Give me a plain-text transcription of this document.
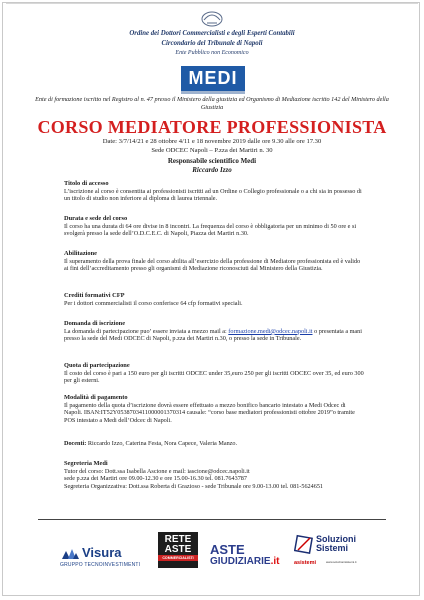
Ordine dei Dottori Commercialisti e degli Esperti Contabili
Circondario del Tribunale di Napoli
Ente Pubblico non Economico
MEDI
Ente di formazione iscritto nel Registro al n. 47 presso il Ministero della giustizia ed Organismo di Mediazione iscritto 142 del Ministero della Giustizia
CORSO MEDIATORE PROFESSIONISTA
Date: 3/7/14/21 e 28 ottobre 4/11 e 18 novembre 2019 dalle ore 9.30 alle ore 17.30
Sede ODCEC Napoli – P.zza dei Martiri n. 30
Responsabile scientifico Medi
Riccardo Izzo
Titolo di accesso
L’iscrizione al corso è consentita ai professionisti iscritti ad un Ordine o Collegio professionale o a chi sia in possesso di un titolo di studio non inferiore al diploma di laurea triennale.
Durata e sede del corso
Il corso ha una durata di 64 ore divise in 8 incontri. La frequenza del corso è obbligatoria per un minimo di 50 ore e si svolgerà presso la sede dell’O.D.C.E.C. di Napoli, Piazza dei Martiri n.30.
Abilitazione
Il superamento della prova finale del corso abilita all’esercizio della professione di Mediatore professionista ed è valido ai fini dell’accreditamento presso gli organismi di Mediazione riconosciuti dal Ministero della Giustizia.
Crediti formativi CFP
Per i dottori commercialisti il corso conferisce 64 cfp formativi speciali.
Domanda di iscrizione
La domanda di partecipazione puo’ essere inviata a mezzo mail a: formazione.medi@odcec.napoli.it o presentata a mani presso la sede del Medi ODCEC di Napoli, p.zza dei Martiri n.30, o presso la sede in Tribunale.
Quota di partecipazione
Il costo del corso è pari a 150 euro per gli iscritti ODCEC under 35,euro 250 per gli iscritti ODCEC over 35, ed euro 300 per gli esterni.
Modalità di pagamento
Il pagamento della quota d’iscrizione dovrà essere effettuato a mezzo bonifico bancario intestato a Medi Odcec di Napoli. IBAN:IT52Y0538703411000001370314 causale: “corso base mediatori professionisti ottobre 2019”o tramite POS intestato a Medi dell’Odcec di Napoli.
Docenti: Riccardo Izzo, Caterina Festa, Nora Capece, Valeria Manzo.
Segreteria Medi
Tutor del corso: Dott.ssa Isabella Ascione e mail: iascione@odcec.napoli.it
sede p.zza dei Martiri ore 09.00-12.30 e ore 15.00-16.30 tel. 081.7643787
Segreteria Organizzativa: Dott.ssa Roberta di Grazioso - sede Tribunale ore 9.00-13.00 tel. 081-5624651
Visura
GRUPPO TECNOINVESTIMENTI
RETE
ASTE
COMMERCIALISTI
ASTE
GIUDIZIARIE.it
Soluzioni
Sistemi
asistemi	www.soluzionisistemi.it
